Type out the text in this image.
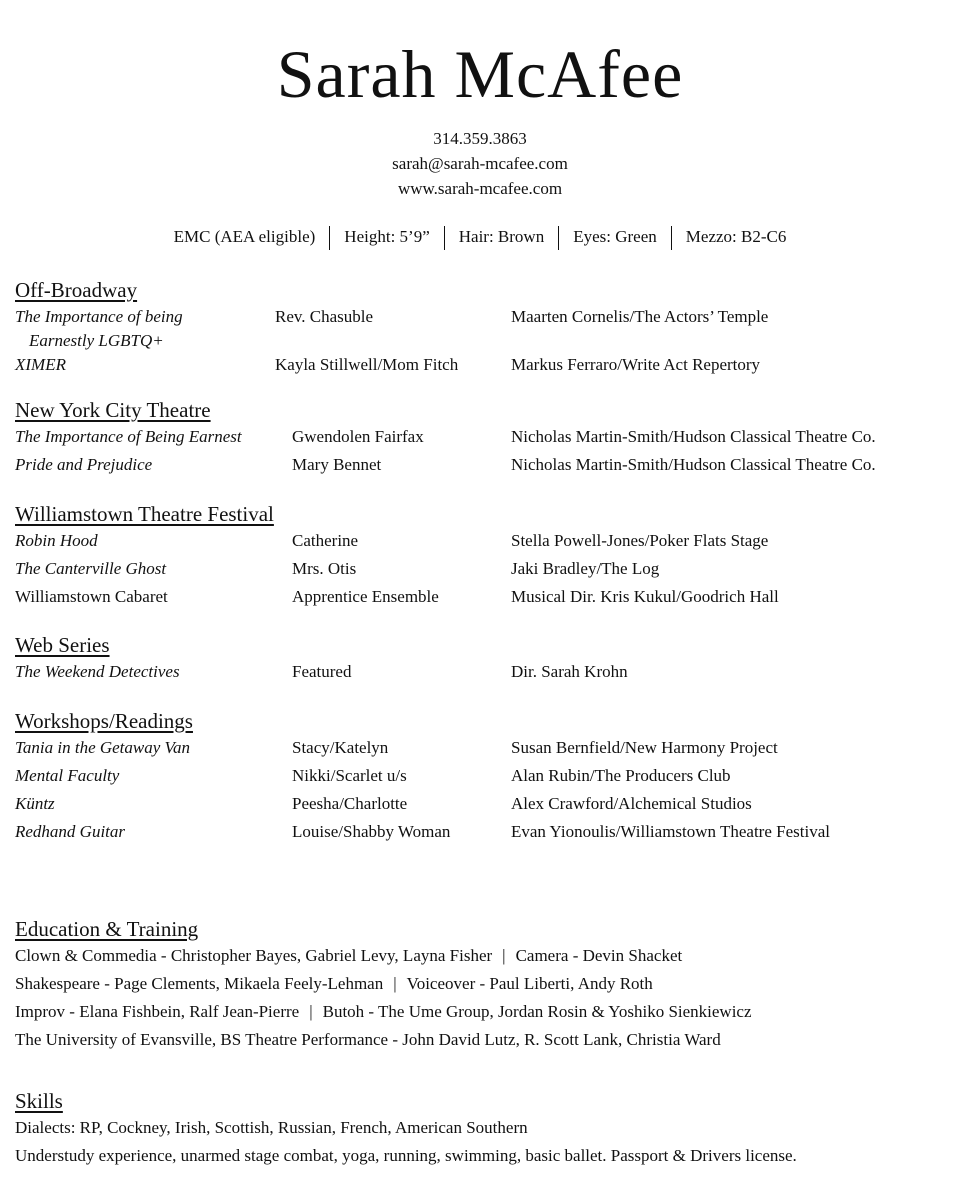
Sarah McAfee
314.359.3863
sarah@sarah-mcafee.com
www.sarah-mcafee.com
EMC (AEA eligible) Height: 5’9” Hair: Brown Eyes: Green Mezzo: B2-C6
Off-Broadway
The Importance of being
Earnestly LGBTQ+
Rev. Chasuble	Maarten Cornelis/The Actors’ Temple
XIMER	Kayla Stillwell/Mom Fitch	Markus Ferraro/Write Act Repertory
New York City Theatre
The Importance of Being Earnest	Gwendolen Fairfax	Nicholas Martin-Smith/Hudson Classical Theatre Co.
Pride and Prejudice	Mary Bennet	Nicholas Martin-Smith/Hudson Classical Theatre Co.
Williamstown Theatre Festival
Robin Hood	Catherine	Stella Powell-Jones/Poker Flats Stage
The Canterville Ghost	Mrs. Otis	Jaki Bradley/The Log
Williamstown Cabaret	Apprentice Ensemble	Musical Dir. Kris Kukul/Goodrich Hall
Web Series
The Weekend Detectives	Featured	Dir. Sarah Krohn
Workshops/Readings
Tania in the Getaway Van	Stacy/Katelyn	Susan Bernfield/New Harmony Project
Mental Faculty	Nikki/Scarlet u/s	Alan Rubin/The Producers Club
Küntz	Peesha/Charlotte	Alex Crawford/Alchemical Studios
Redhand Guitar	Louise/Shabby Woman	Evan Yionoulis/Williamstown Theatre Festival
Education & Training
Clown & Commedia - Christopher Bayes, Gabriel Levy, Layna Fisher | Camera - Devin Shacket
Shakespeare - Page Clements, Mikaela Feely-Lehman | Voiceover - Paul Liberti, Andy Roth
Improv - Elana Fishbein, Ralf Jean-Pierre | Butoh - The Ume Group, Jordan Rosin & Yoshiko Sienkiewicz
The University of Evansville, BS Theatre Performance - John David Lutz, R. Scott Lank, Christia Ward
Skills
Dialects: RP, Cockney, Irish, Scottish, Russian, French, American Southern
Understudy experience, unarmed stage combat, yoga, running, swimming, basic ballet. Passport & Drivers license.
